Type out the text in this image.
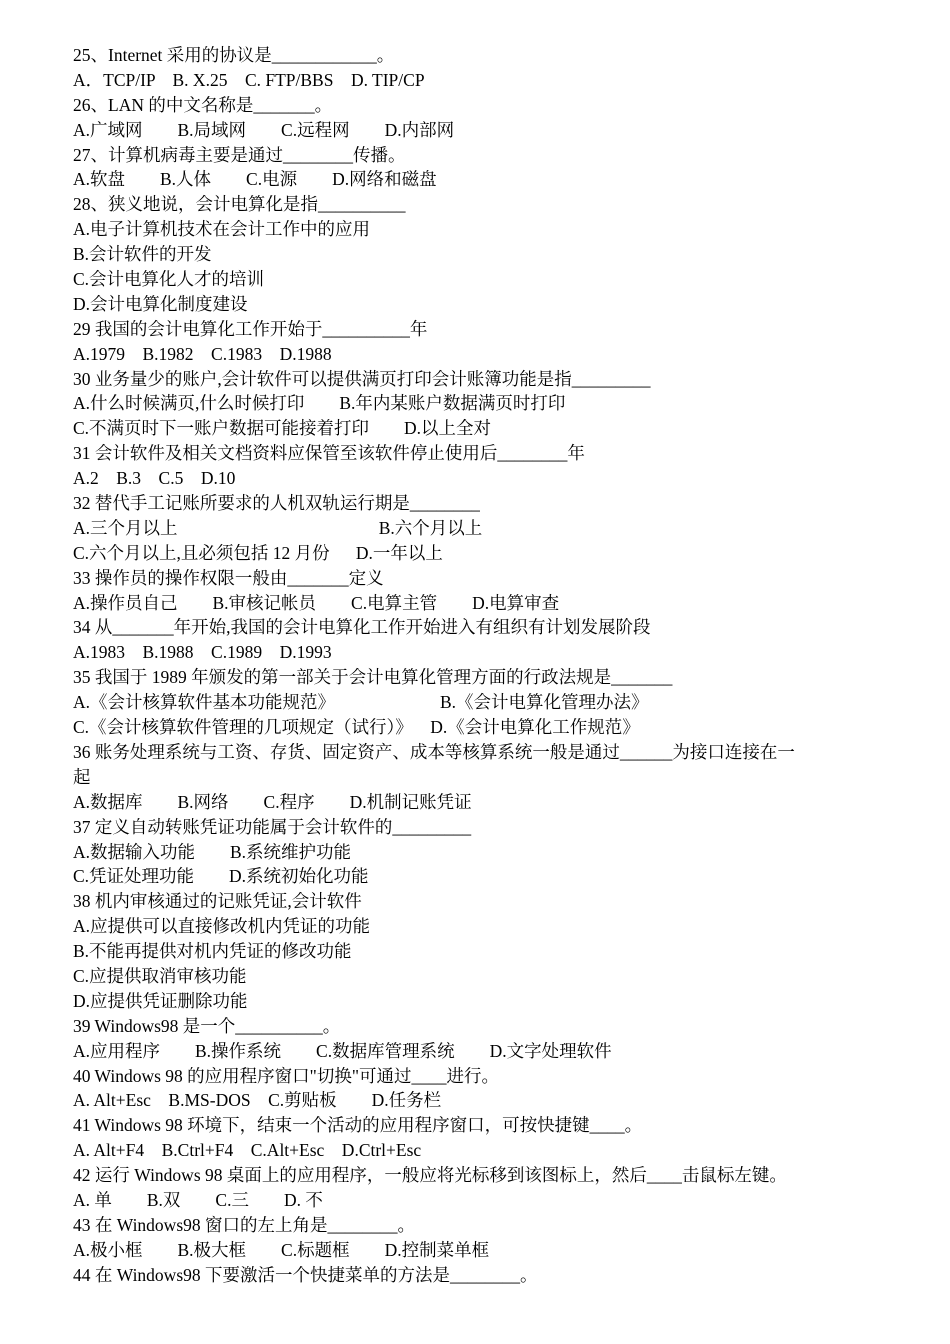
25、Internet 采用的协议是____________。
A．TCP/IP    B. X.25    C. FTP/BBS    D. TIP/CP
26、LAN 的中文名称是_______。
A.广域网        B.局域网        C.远程网        D.内部网
27、计算机病毒主要是通过________传播。
A.软盘        B.人体        C.电源        D.网络和磁盘
28、狭义地说，会计电算化是指__________
A.电子计算机技术在会计工作中的应用
B.会计软件的开发
C.会计电算化人才的培训
D.会计电算化制度建设
29 我国的会计电算化工作开始于__________年
A.1979    B.1982    C.1983    D.1988
30 业务量少的账户,会计软件可以提供满页打印会计账簿功能是指_________
A.什么时候满页,什么时候打印        B.年内某账户数据满页时打印
C.不满页时下一账户数据可能接着打印        D.以上全对
31 会计软件及相关文档资料应保管至该软件停止使用后________年
A.2    B.3    C.5    D.10
32 替代手工记账所要求的人机双轨运行期是________
A.三个月以上                                              B.六个月以上
C.六个月以上,且必须包括 12 月份      D.一年以上
33 操作员的操作权限一般由_______定义
A.操作员自己        B.审核记帐员        C.电算主管        D.电算审查
34 从_______年开始,我国的会计电算化工作开始进入有组织有计划发展阶段
A.1983    B.1988    C.1989    D.1993
35 我国于 1989 年颁发的第一部关于会计电算化管理方面的行政法规是_______
A.《会计核算软件基本功能规范》                        B.《会计电算化管理办法》
C.《会计核算软件管理的几项规定（试行）》    D.《会计电算化工作规范》
36 账务处理系统与工资、存货、固定资产、成本等核算系统一般是通过______为接口连接在一
起
A.数据库        B.网络        C.程序        D.机制记账凭证
37 定义自动转账凭证功能属于会计软件的_________
A.数据输入功能        B.系统维护功能
C.凭证处理功能        D.系统初始化功能
38 机内审核通过的记账凭证,会计软件
A.应提供可以直接修改机内凭证的功能
B.不能再提供对机内凭证的修改功能
C.应提供取消审核功能
D.应提供凭证删除功能
39 Windows98 是一个__________。
A.应用程序        B.操作系统        C.数据库管理系统        D.文字处理软件
40 Windows 98 的应用程序窗口"切换"可通过____进行。
A. Alt+Esc    B.MS-DOS    C.剪贴板        D.任务栏
41 Windows 98 环境下，结束一个活动的应用程序窗口，可按快捷键____。
A. Alt+F4    B.Ctrl+F4    C.Alt+Esc    D.Ctrl+Esc
42 运行 Windows 98 桌面上的应用程序，一般应将光标移到该图标上，然后____击鼠标左键。
A. 单        B.双        C.三        D. 不
43 在 Windows98 窗口的左上角是________。
A.极小框        B.极大框        C.标题框        D.控制菜单框
44 在 Windows98 下要激活一个快捷菜单的方法是________。
